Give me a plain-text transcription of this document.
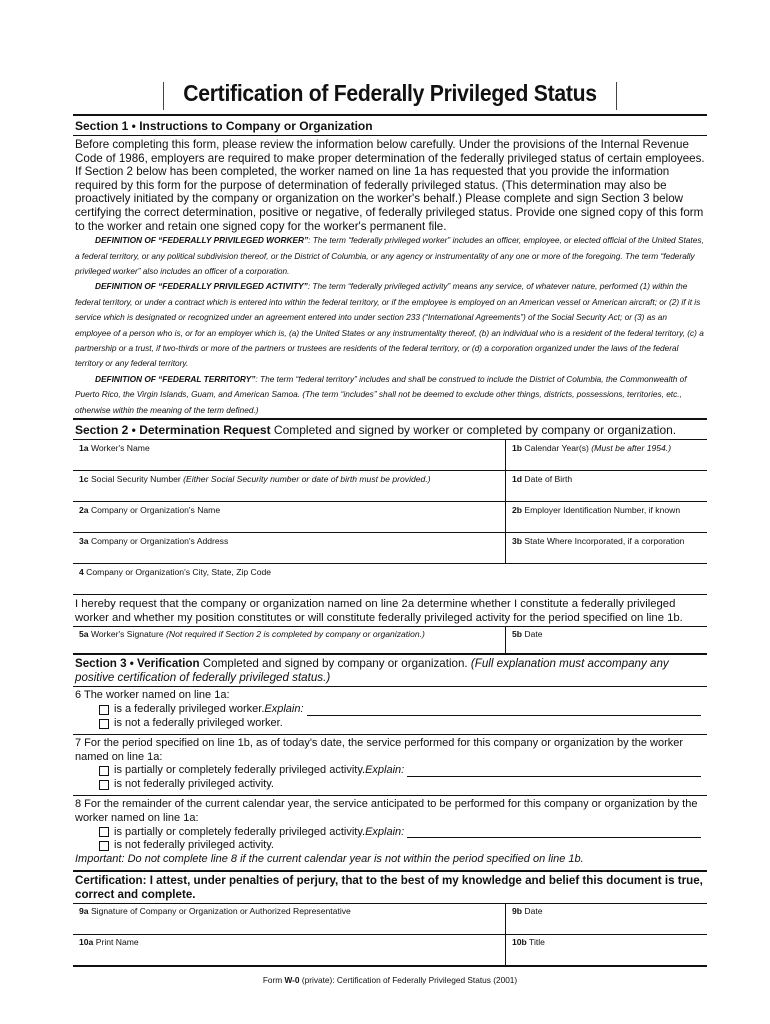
Certification of Federally Privileged Status
Section 1 • Instructions to Company or Organization
Before completing this form, please review the information below carefully. Under the provisions of the Internal Revenue Code of 1986, employers are required to make proper determination of the federally privileged status of certain employees. If Section 2 below has been completed, the worker named on line 1a has requested that you provide the information required by this form for the purpose of determination of federally privileged status. (This determination may also be proactively initiated by the company or organization on the worker's behalf.) Please complete and sign Section 3 below certifying the correct determination, positive or negative, of federally privileged status. Provide one signed copy of this form to the worker and retain one signed copy for the worker's permanent file.

DEFINITION OF “FEDERALLY PRIVILEGED WORKER”: The term “federally privileged worker” includes an officer, employee, or elected official of the United States, a federal territory, or any political subdivision thereof, or the District of Columbia, or any agency or instrumentality of any one or more of the foregoing. The term “federally privileged worker” also includes an officer of a corporation.

DEFINITION OF “FEDERALLY PRIVILEGED ACTIVITY”: The term “federally privileged activity” means any service, of whatever nature, performed (1) within the federal territory, or under a contract which is entered into within the federal territory, or if the employee is employed on an American vessel or American aircraft; or (2) if it is service which is designated or recognized under an agreement entered into under section 233 (“International Agreements”) of the Social Security Act; or (3) as an employee of a person who is, or for an employer which is, (a) the United States or any instrumentality thereof, (b) an individual who is a resident of the federal territory, (c) a partnership or a trust, if two-thirds or more of the partners or trustees are residents of the federal territory, or (d) a corporation organized under the laws of the federal territory or any federal territory.

DEFINITION OF “FEDERAL TERRITORY”: The term “federal territory” includes and shall be construed to include the District of Columbia, the Commonwealth of Puerto Rico, the Virgin Islands, Guam, and American Samoa. (The term “includes” shall not be deemed to exclude other things, districts, possessions, territories, etc., otherwise within the meaning of the term defined.)

Section 2 • Determination Request Completed and signed by worker or completed by company or organization.
1a Worker's Name	1b Calendar Year(s) (Must be after 1954.)
1c Social Security Number (Either Social Security number or date of birth must be provided.)	1d Date of Birth
2a Company or Organization's Name	2b Employer Identification Number, if known
3a Company or Organization's Address	3b State Where Incorporated, if a corporation
4 Company or Organization's City, State, Zip Code
I hereby request that the company or organization named on line 2a determine whether I constitute a federally privileged worker and whether my position constitutes or will constitute federally privileged activity for the period specified on line 1b.
5a Worker's Signature (Not required if Section 2 is completed by company or organization.)	5b Date
Section 3 • Verification Completed and signed by company or organization. (Full explanation must accompany any positive certification of federally privileged status.)
6 The worker named on line 1a:
is a federally privileged worker. Explain:
is not a federally privileged worker.
7 For the period specified on line 1b, as of today's date, the service performed for this company or organization by the worker named on line 1a:
is partially or completely federally privileged activity. Explain:
is not federally privileged activity.
8 For the remainder of the current calendar year, the service anticipated to be performed for this company or organization by the worker named on line 1a:
is partially or completely federally privileged activity. Explain:
is not federally privileged activity.
Important: Do not complete line 8 if the current calendar year is not within the period specified on line 1b.
Certification: I attest, under penalties of perjury, that to the best of my knowledge and belief this document is true, correct and complete.
9a Signature of Company or Organization or Authorized Representative	9b Date
10a Print Name	10b Title
Form W-0 (private): Certification of Federally Privileged Status (2001)
